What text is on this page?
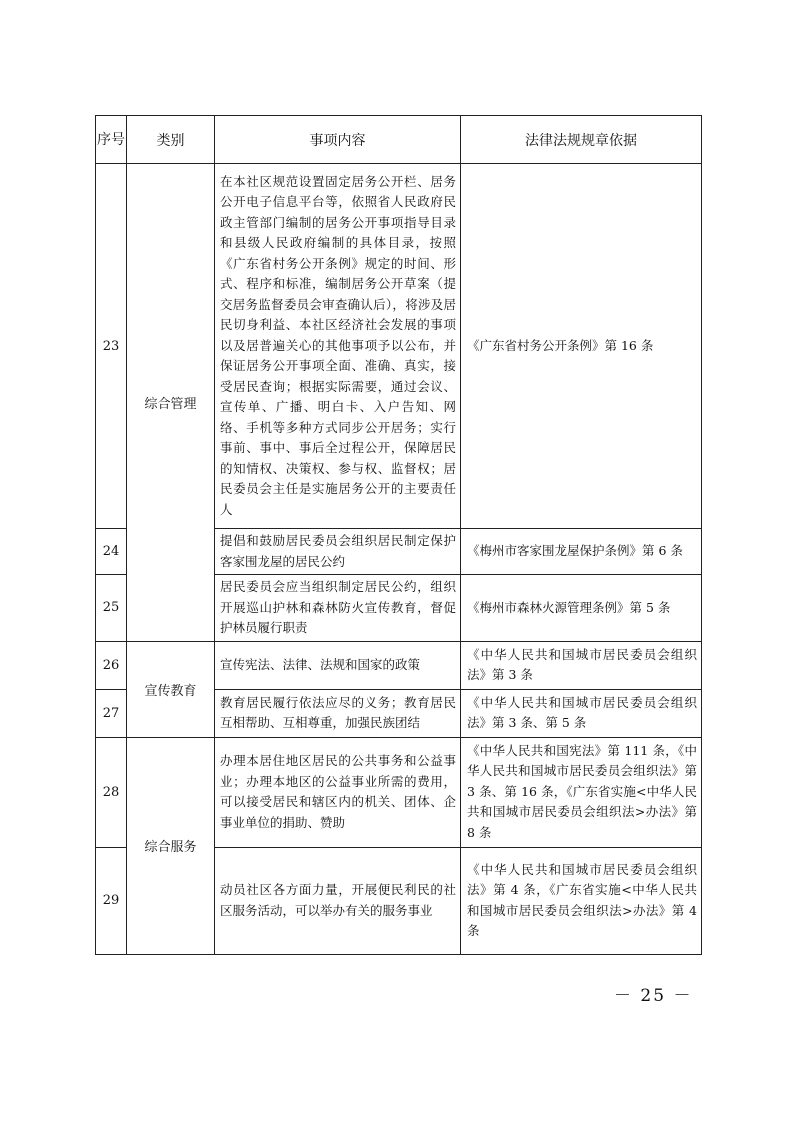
序号	类别	事项内容	法律法规规章依据
23	综合管理	在本社区规范设置固定居务公开栏、居务公开电子信息平台等，依照省人民政府民政主管部门编制的居务公开事项指导目录和县级人民政府编制的具体目录，按照《广东省村务公开条例》规定的时间、形式、程序和标准，编制居务公开草案（提交居务监督委员会审查确认后），将涉及居民切身利益、本社区经济社会发展的事项以及居普遍关心的其他事项予以公布，并保证居务公开事项全面、准确、真实，接受居民查询；根据实际需要，通过会议、宣传单、广播、明白卡、入户告知、网络、手机等多种方式同步公开居务；实行事前、事中、事后全过程公开，保障居民的知情权、决策权、参与权、监督权；居民委员会主任是实施居务公开的主要责任人	《广东省村务公开条例》第 16 条
24		提倡和鼓励居民委员会组织居民制定保护客家围龙屋的居民公约	《梅州市客家围龙屋保护条例》第 6 条
25		居民委员会应当组织制定居民公约，组织开展巡山护林和森林防火宣传教育，督促护林员履行职责	《梅州市森林火源管理条例》第 5 条
26	宣传教育	宣传宪法、法律、法规和国家的政策	《中华人民共和国城市居民委员会组织法》第 3 条
27		教育居民履行依法应尽的义务；教育居民互相帮助、互相尊重，加强民族团结	《中华人民共和国城市居民委员会组织法》第 3 条、第 5 条
28	综合服务	办理本居住地区居民的公共事务和公益事业；办理本地区的公益事业所需的费用，可以接受居民和辖区内的机关、团体、企事业单位的捐助、赞助	《中华人民共和国宪法》第 111 条，《中华人民共和国城市居民委员会组织法》第 3 条、第 16 条，《广东省实施<中华人民共和国城市居民委员会组织法>办法》第 8 条
29		动员社区各方面力量，开展便民利民的社区服务活动，可以举办有关的服务事业	《中华人民共和国城市居民委员会组织法》第 4 条，《广东省实施<中华人民共和国城市居民委员会组织法>办法》第 4 条
－ 25 －
